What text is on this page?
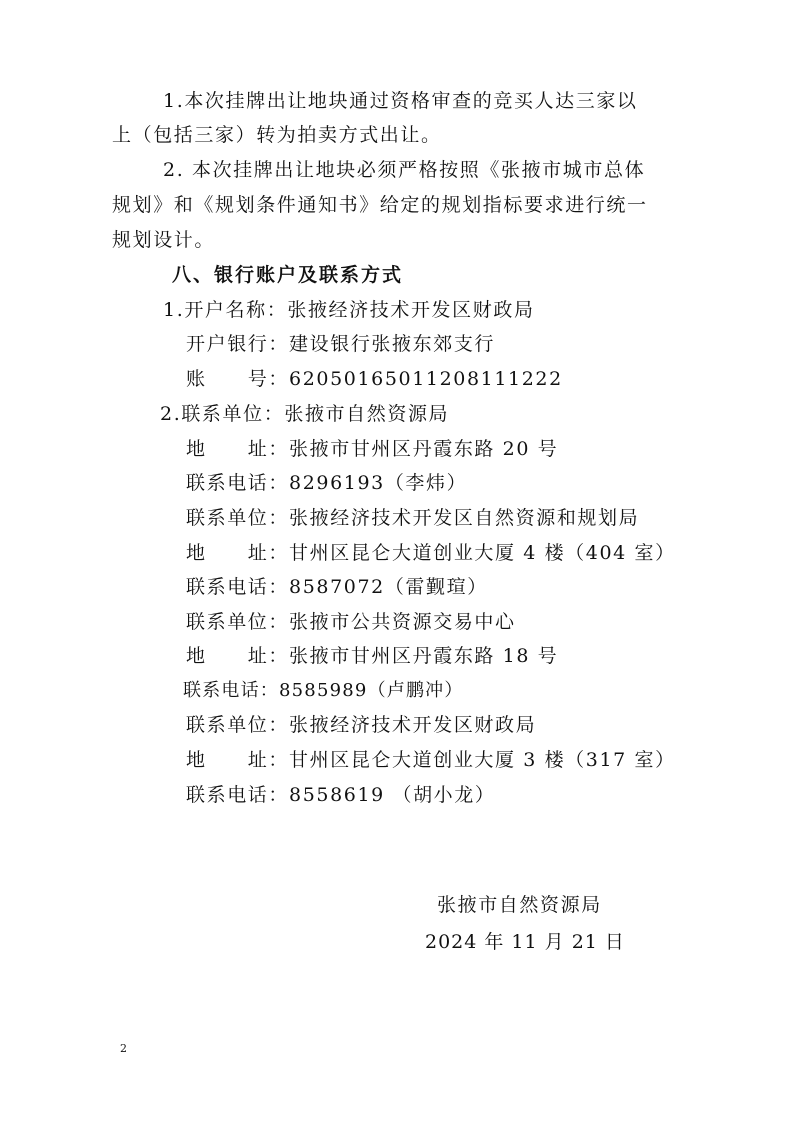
1.本次挂牌出让地块通过资格审查的竞买人达三家以
上（包括三家）转为拍卖方式出让。
2. 本次挂牌出让地块必须严格按照《张掖市城市总体
规划》和《规划条件通知书》给定的规划指标要求进行统一
规划设计。
八、银行账户及联系方式
1.开户名称：张掖经济技术开发区财政局
开户银行：建设银行张掖东郊支行
账　　号：62050165011208111222
2.联系单位：张掖市自然资源局
地　　址：张掖市甘州区丹霞东路 20 号
联系电话：8296193（李炜）
联系单位：张掖经济技术开发区自然资源和规划局
地　　址：甘州区昆仑大道创业大厦 4 楼（404 室）
联系电话：8587072（雷觐瑄）
联系单位：张掖市公共资源交易中心
地　　址：张掖市甘州区丹霞东路 18 号
联系电话：8585989（卢鹏冲）
联系单位：张掖经济技术开发区财政局
地　　址：甘州区昆仑大道创业大厦 3 楼（317 室）
联系电话：8558619 （胡小龙）
张掖市自然资源局
2024 年 11 月 21 日
2
